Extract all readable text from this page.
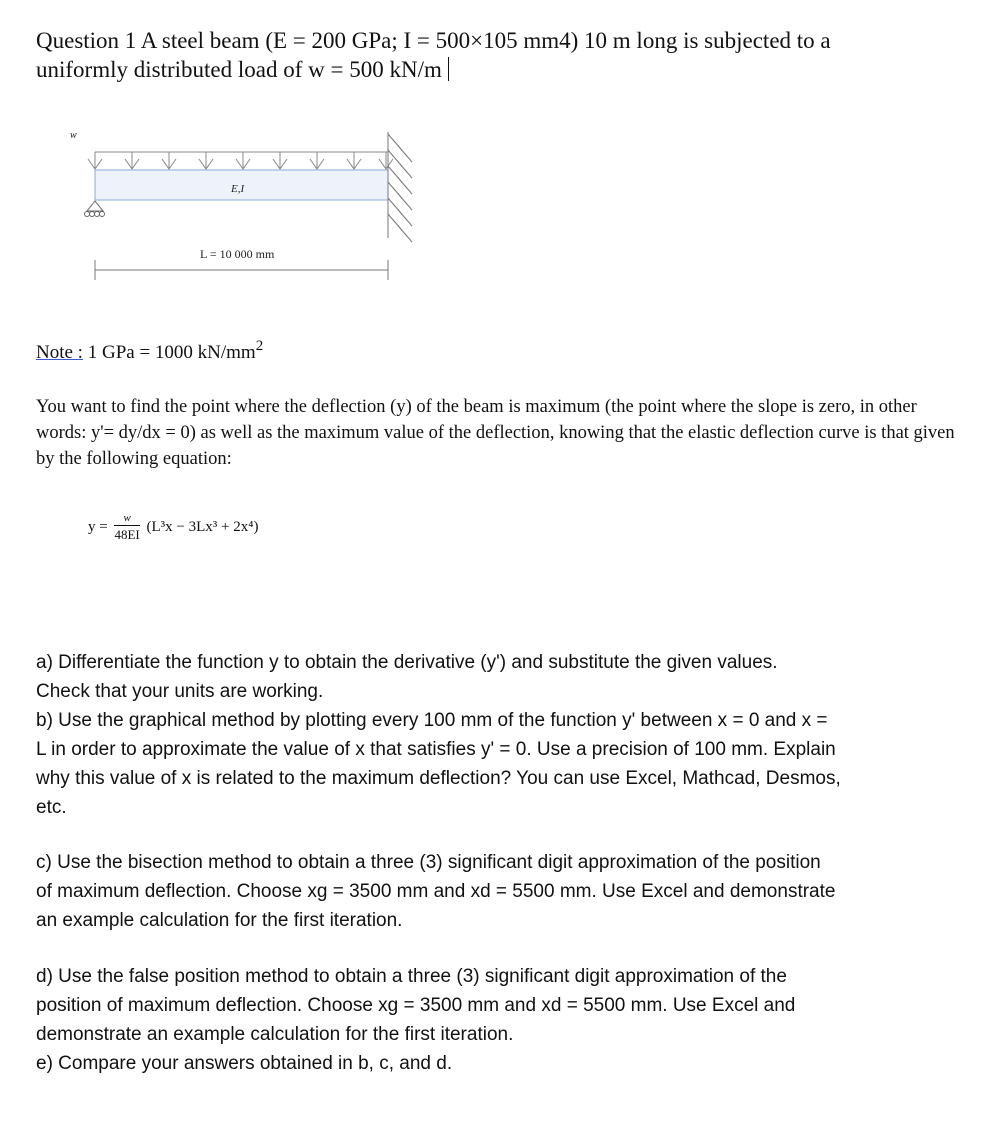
Question 1 A steel beam (E = 200 GPa; I = 500×105 mm4) 10 m long is subjected to a
uniformly distributed load of w = 500 kN/m
w
E,I
L = 10 000 mm
Note : 1 GPa = 1000 $kN/mm^2$
You want to find the point where the deflection (y) of the beam is maximum (the point where the slope is zero, in other words: y'= dy/dx = 0) as well as the maximum value of the deflection, knowing that the elastic deflection curve is that given by the following equation:
$y = \frac{w}{48EI} (L^3x - 3Lx^3 + 2x^4)$

a) Differentiate the function y to obtain the derivative (y') and substitute the given values.

Check that your units are working.

b) Use the graphical method by plotting every 100 mm of the function y' between x = 0 and x =

L in order to approximate the value of x that satisfies y' = 0. Use a precision of 100 mm. Explain

why this value of x is related to the maximum deflection? You can use Excel, Mathcad, Desmos,

etc.

c) Use the bisection method to obtain a three (3) significant digit approximation of the position

of maximum deflection. Choose xg = 3500 mm and xd = 5500 mm. Use Excel and demonstrate

an example calculation for the first iteration.

d) Use the false position method to obtain a three (3) significant digit approximation of the

position of maximum deflection. Choose xg = 3500 mm and xd = 5500 mm. Use Excel and

demonstrate an example calculation for the first iteration.

e) Compare your answers obtained in b, c, and d.
